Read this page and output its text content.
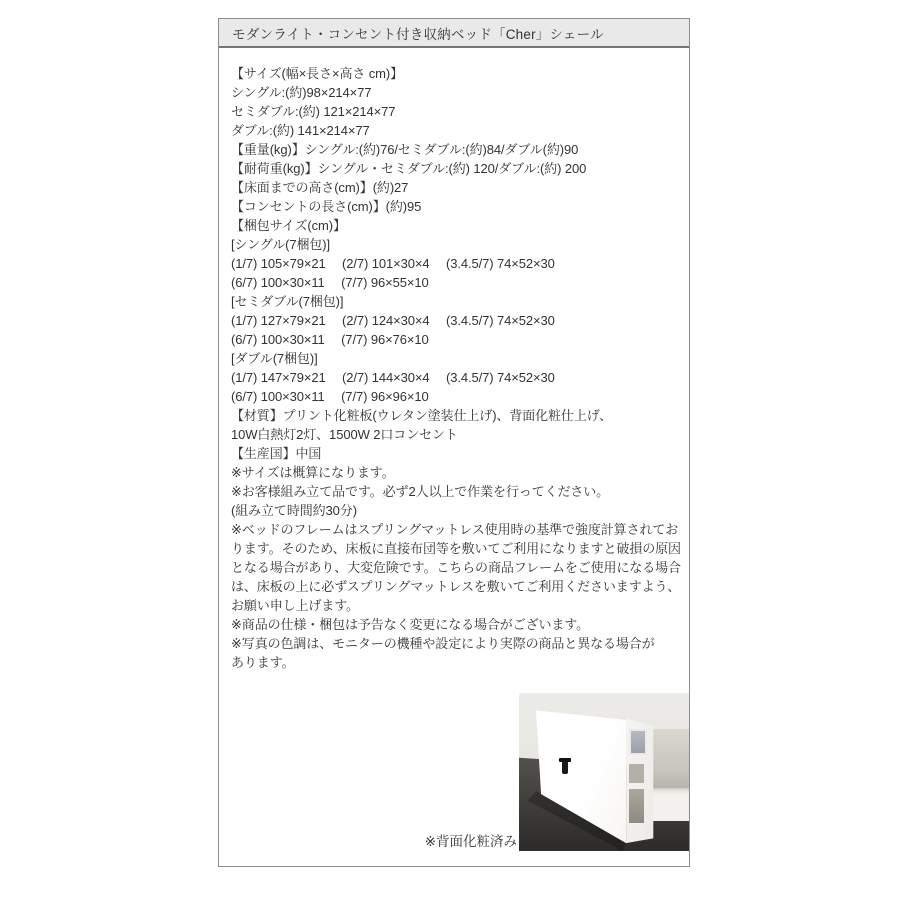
モダンライト・コンセント付き収納ベッド「Cher」シェール
【サイズ(幅×長さ×高さ cm)】
シングル:(約)98×214×77
セミダブル:(約) 121×214×77
ダブル:(約) 141×214×77
【重量(kg)】シングル:(約)76/セミダブル:(約)84/ダブル(約)90
【耐荷重(kg)】シングル・セミダブル:(約) 120/ダブル:(約) 200
【床面までの高さ(cm)】(約)27
【コンセントの長さ(cm)】(約)95
【梱包サイズ(cm)】
[シングル(7梱包)]
(1/7) 105×79×21　 (2/7) 101×30×4　 (3.4.5/7) 74×52×30
(6/7) 100×30×11　 (7/7) 96×55×10
[セミダブル(7梱包)]
(1/7) 127×79×21　 (2/7) 124×30×4　 (3.4.5/7) 74×52×30
(6/7) 100×30×11　 (7/7) 96×76×10
[ダブル(7梱包)]
(1/7) 147×79×21　 (2/7) 144×30×4　 (3.4.5/7) 74×52×30
(6/7) 100×30×11　 (7/7) 96×96×10
【材質】プリント化粧板(ウレタン塗装仕上げ)、背面化粧仕上げ、
10W白熱灯2灯、1500W 2口コンセント
【生産国】中国
※サイズは概算になります。
※お客様組み立て品です。必ず2人以上で作業を行ってください。
(組み立て時間約30分)
※ベッドのフレームはスプリングマットレス使用時の基準で強度計算されてお
ります。そのため、床板に直接布団等を敷いてご利用になりますと破損の原因
となる場合があり、大変危険です。こちらの商品フレームをご使用になる場合
は、床板の上に必ずスプリングマットレスを敷いてご利用くださいますよう、
お願い申し上げます。
※商品の仕様・梱包は予告なく変更になる場合がございます。
※写真の色調は、モニターの機種や設定により実際の商品と異なる場合が
あります。
※背面化粧済み
